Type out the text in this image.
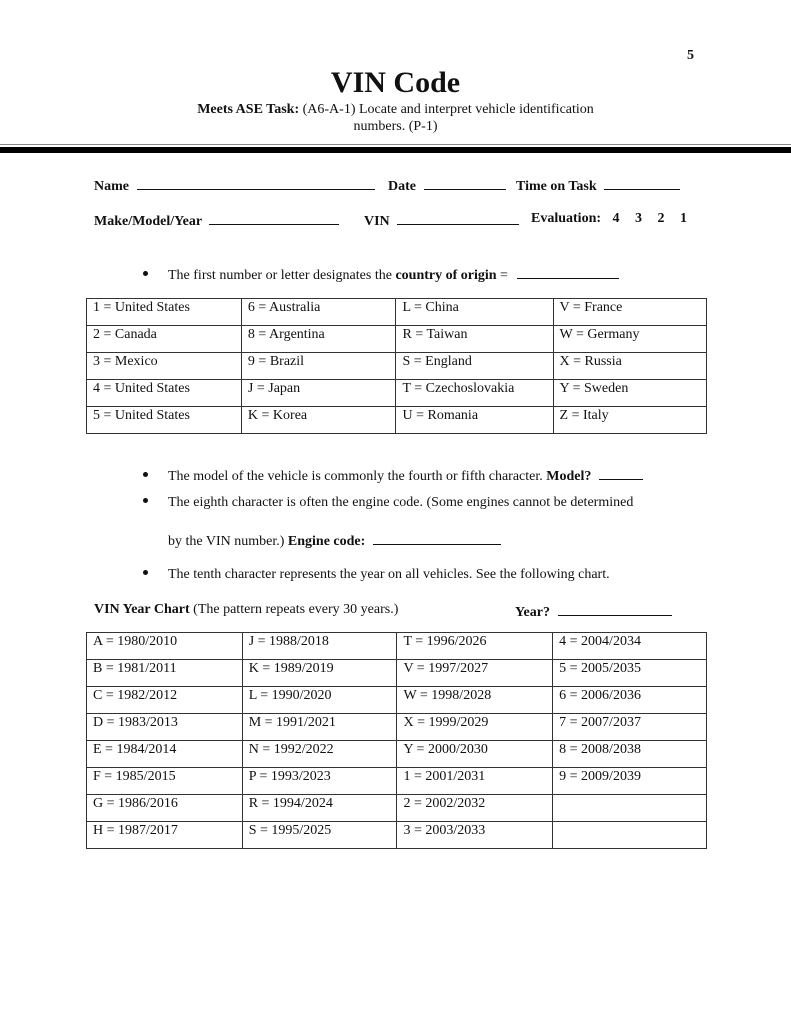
5
VIN Code
Meets ASE Task: (A6-A-1) Locate and interpret vehicle identification
numbers. (P-1)
Name	Date	Time on Task
Make/Model/Year	VIN	Evaluation: 4 3 2 1
The first number or letter designates the country of origin =
1 = United States	6 = Australia	L = China	V = France
2 = Canada	8 = Argentina	R = Taiwan	W = Germany
3 = Mexico	9 = Brazil	S = England	X = Russia
4 = United States	J = Japan	T = Czechoslovakia	Y = Sweden
5 = United States	K = Korea	U = Romania	Z = Italy
The model of the vehicle is commonly the fourth or fifth character. Model?
The eighth character is often the engine code. (Some engines cannot be determined
by the VIN number.) Engine code:
The tenth character represents the year on all vehicles. See the following chart.
VIN Year Chart (The pattern repeats every 30 years.)	Year?
A = 1980/2010	J = 1988/2018	T = 1996/2026	4 = 2004/2034
B = 1981/2011	K = 1989/2019	V = 1997/2027	5 = 2005/2035
C = 1982/2012	L = 1990/2020	W = 1998/2028	6 = 2006/2036
D = 1983/2013	M = 1991/2021	X = 1999/2029	7 = 2007/2037
E = 1984/2014	N = 1992/2022	Y = 2000/2030	8 = 2008/2038
F = 1985/2015	P = 1993/2023	1 = 2001/2031	9 = 2009/2039
G = 1986/2016	R = 1994/2024	2 = 2002/2032	
H = 1987/2017	S = 1995/2025	3 = 2003/2033	
